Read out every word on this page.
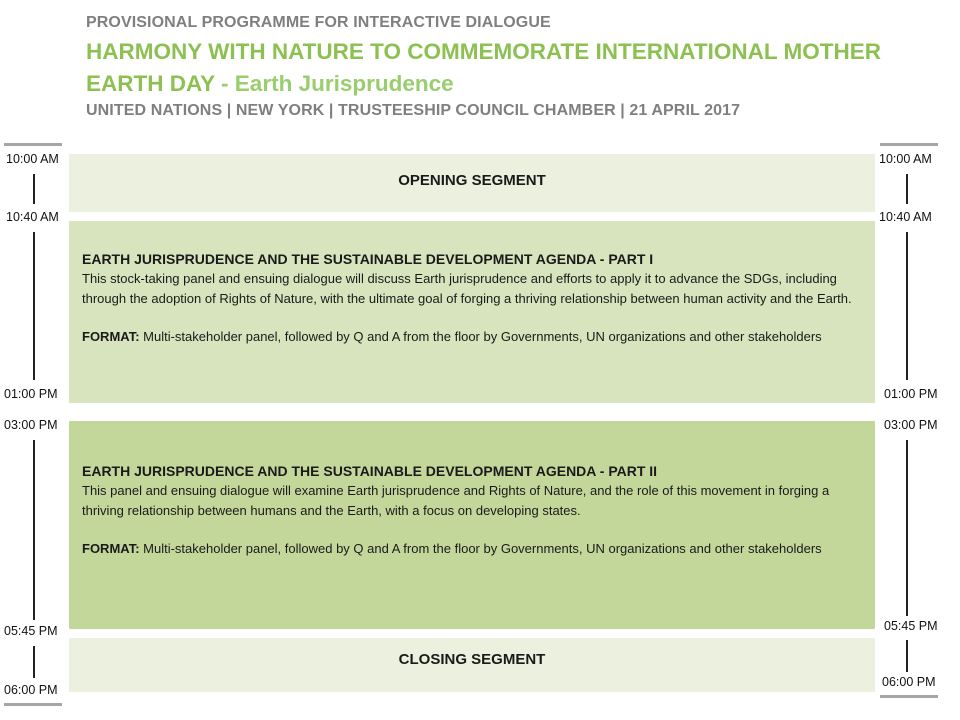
PROVISIONAL PROGRAMME FOR INTERACTIVE DIALOGUE
HARMONY WITH NATURE TO COMMEMORATE INTERNATIONAL MOTHER EARTH DAY - Earth Jurisprudence
UNITED NATIONS | NEW YORK | TRUSTEESHIP COUNCIL CHAMBER | 21 APRIL 2017
10:00 AM
10:40 AM
01:00 PM
03:00 PM
05:45 PM
06:00 PM
10:00 AM
10:40 AM
01:00 PM
03:00 PM
05:45 PM
06:00 PM
OPENING SEGMENT
EARTH JURISPRUDENCE AND THE SUSTAINABLE DEVELOPMENT AGENDA - PART I

This stock-taking panel and ensuing dialogue will discuss Earth jurisprudence and efforts to apply it to advance the SDGs, including through the adoption of Rights of Nature, with the ultimate goal of forging a thriving relationship between human activity and the Earth.

FORMAT: Multi-stakeholder panel, followed by Q and A from the floor by Governments, UN organizations and other stakeholders
EARTH JURISPRUDENCE AND THE SUSTAINABLE DEVELOPMENT AGENDA - PART II

This panel and ensuing dialogue will examine Earth jurisprudence and Rights of Nature, and the role of this movement in forging a thriving relationship between humans and the Earth, with a focus on developing states.

FORMAT: Multi-stakeholder panel, followed by Q and A from the floor by Governments, UN organizations and other stakeholders
CLOSING SEGMENT
